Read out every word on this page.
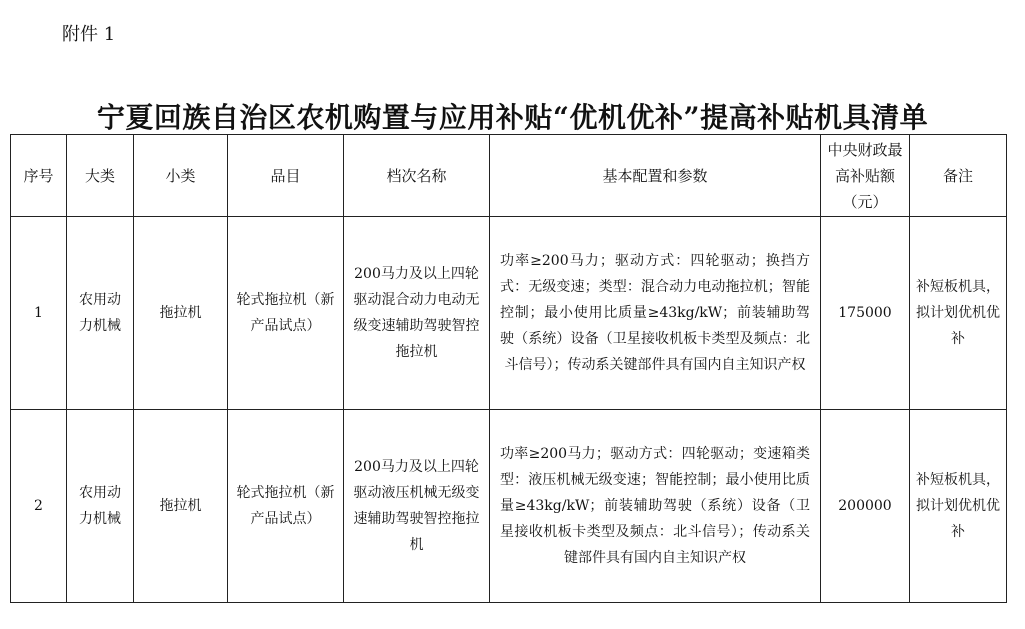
附件 1
宁夏回族自治区农机购置与应用补贴“优机优补”提高补贴机具清单
序号	大类	小类	品目	档次名称	基本配置和参数	中央财政最高补贴额（元）	备注
1	农用动力机械	拖拉机	轮式拖拉机（新产品试点）	200马力及以上四轮驱动混合动力电动无级变速辅助驾驶智控拖拉机	功率≥200马力；驱动方式：四轮驱动；换挡方式：无级变速；类型：混合动力电动拖拉机；智能控制；最小使用比质量≥43kg/kW；前装辅助驾驶（系统）设备（卫星接收机板卡类型及频点：北斗信号）；传动系关键部件具有国内自主知识产权	175000	补短板机具，拟计划优机优补
2	农用动力机械	拖拉机	轮式拖拉机（新产品试点）	200马力及以上四轮驱动液压机械无级变速辅助驾驶智控拖拉机	功率≥200马力；驱动方式：四轮驱动；变速箱类型：液压机械无级变速；智能控制；最小使用比质量≥43kg/kW；前装辅助驾驶（系统）设备（卫星接收机板卡类型及频点：北斗信号）；传动系关键部件具有国内自主知识产权	200000	补短板机具，拟计划优机优补
